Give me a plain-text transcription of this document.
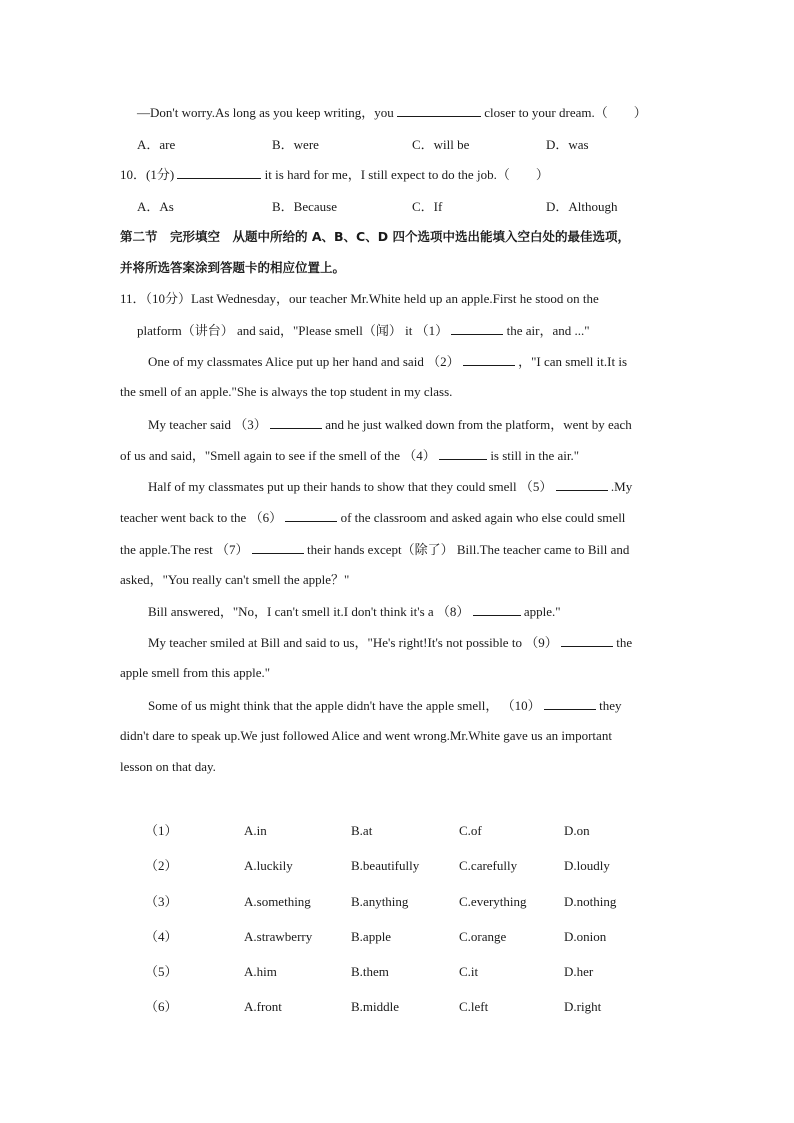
—Don't worry.As long as you keep writing，you	closer to your dream.（　　）
A．are	B．were	C．will be	D．was
10．(1分)	it is hard for me，I still expect to do the job.（　　）
A．As	B．Because	C．If	D．Although
第二节　完形填空　从题中所给的 A、B、C、D 四个选项中选出能填入空白处的最佳选项，
并将所选答案涂到答题卡的相应位置上。
11．（10分）Last Wednesday，our teacher Mr.White held up an apple.First he stood on the
platform（讲台） and said，"Please smell（闻） it （1）	the air，and ..."
One of my classmates Alice put up her hand and said （2）	，"I can smell it.It is
the smell of an apple."She is always the top student in my class.
My teacher said （3）	and he just walked down from the platform，went by each
of us and said，"Smell again to see if the smell of the （4）	is still in the air."
Half of my classmates put up their hands to show that they could smell （5）	.My
teacher went back to the （6）	of the classroom and asked again who else could smell
the apple.The rest （7）	their hands except（除了） Bill.The teacher came to Bill and
asked，"You really can't smell the apple？"
Bill answered，"No，I can't smell it.I don't think it's a （8）	apple."
My teacher smiled at Bill and said to us，"He's right!It's not possible to （9）	the
apple smell from this apple."
Some of us might think that the apple didn't have the apple smell， （10）	they
didn't dare to speak up.We just followed Alice and went wrong.Mr.White gave us an important
lesson on that day.
（1）	A.in	B.at	C.of	D.on
（2）	A.luckily	B.beautifully	C.carefully	D.loudly
（3）	A.something	B.anything	C.everything	D.nothing
（4）	A.strawberry	B.apple	C.orange	D.onion
（5）	A.him	B.them	C.it	D.her
（6）	A.front	B.middle	C.left	D.right
